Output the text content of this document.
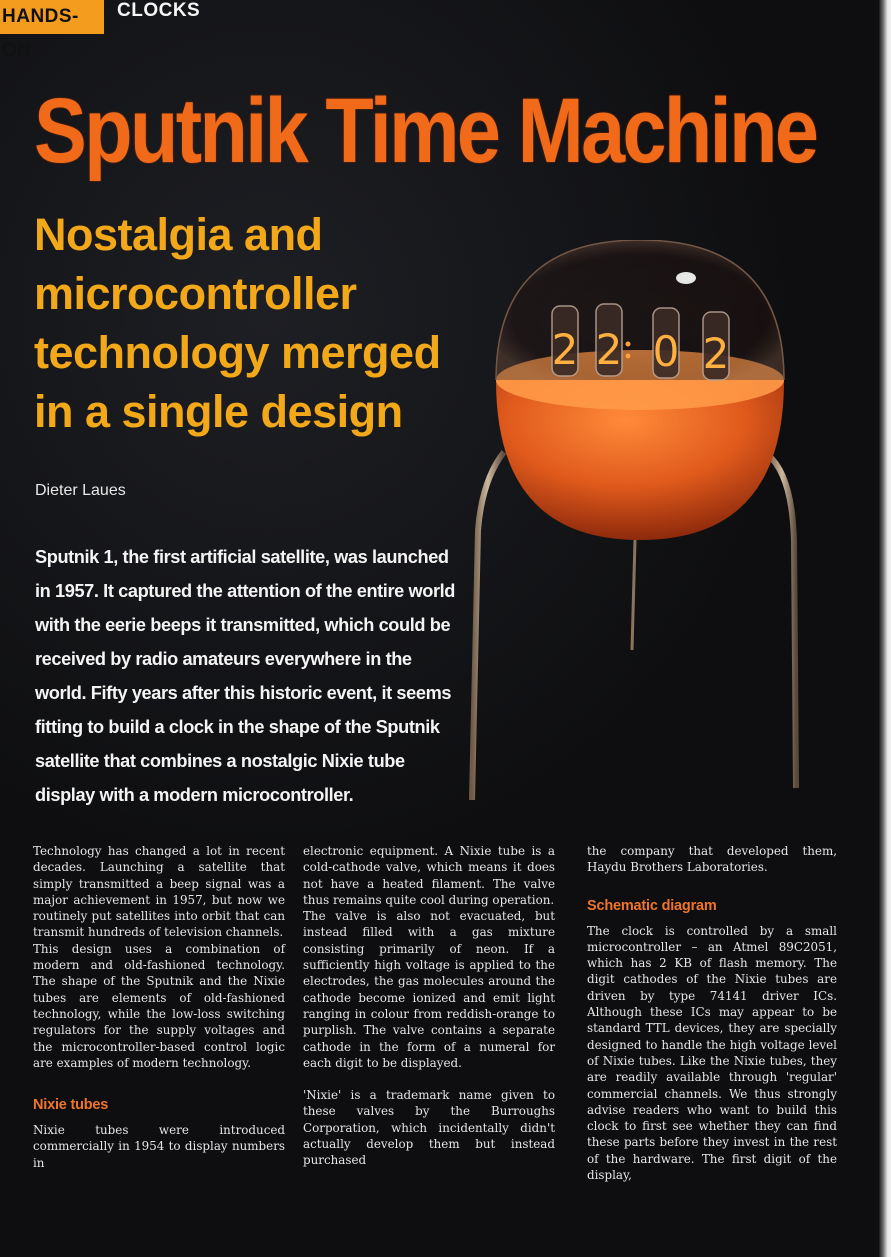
HANDS-ON
CLOCKS
Sputnik Time Machine
Nostalgia and microcontroller technology merged in a single design
Dieter Laues
Sputnik 1, the first artificial satellite, was launched in 1957. It captured the attention of the entire world with the eerie beeps it transmitted, which could be received by radio amateurs everywhere in the world. Fifty years after this historic event, it seems fitting to build a clock in the shape of the Sputnik satellite that combines a nostalgic Nixie tube display with a modern microcontroller.
2 2 0 2

Technology has changed a lot in recent decades. Launching a satellite that simply transmitted a beep signal was a major achievement in 1957, but now we routinely put satellites into orbit that can transmit hundreds of television channels.

This design uses a combination of modern and old-fashioned technology. The shape of the Sputnik and the Nixie tubes are elements of old-fashioned technology, while the low-loss switching regulators for the supply voltages and the microcontroller-based control logic are examples of modern technology.

Nixie tubes

Nixie tubes were introduced commercially in 1954 to display numbers in

electronic equipment. A Nixie tube is a cold-cathode valve, which means it does not have a heated filament. The valve thus remains quite cool during operation.

The valve is also not evacuated, but instead filled with a gas mixture consisting primarily of neon. If a sufficiently high voltage is applied to the electrodes, the gas molecules around the cathode become ionized and emit light ranging in colour from reddish-orange to purplish. The valve contains a separate cathode in the form of a numeral for each digit to be displayed.

'Nixie' is a trademark name given to these valves by the Burroughs Corporation, which incidentally didn't actually develop them but instead purchased

the company that developed them, Haydu Brothers Laboratories.

Schematic diagram

The clock is controlled by a small microcontroller – an Atmel 89C2051, which has 2 KB of flash memory. The digit cathodes of the Nixie tubes are driven by type 74141 driver ICs. Although these ICs may appear to be standard TTL devices, they are specially designed to handle the high voltage level of Nixie tubes. Like the Nixie tubes, they are readily available through 'regular' commercial channels. We thus strongly advise readers who want to build this clock to first see whether they can find these parts before they invest in the rest of the hardware. The first digit of the display,
